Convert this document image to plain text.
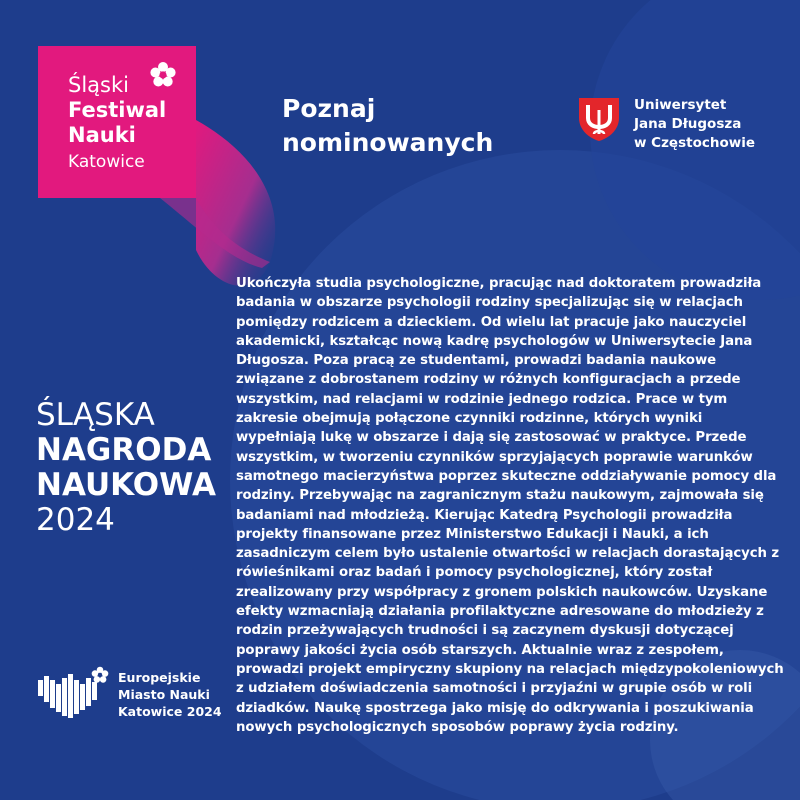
Śląski
Festiwal
Nauki
Katowice
Poznaj
nominowanych
Uniwersytet
Jana Długosza
w Częstochowie
ŚLĄSKA
NAGRODA
NAUKOWA
2024
Ukończyła studia psychologiczne, pracując nad doktoratem prowadziła badania w obszarze psychologii rodziny specjalizując się w relacjach pomiędzy rodzicem a dzieckiem. Od wielu lat pracuje jako nauczyciel akademicki, kształcąc nową kadrę psychologów w Uniwersytecie Jana Długosza. Poza pracą ze studentami, prowadzi badania naukowe związane z dobrostanem rodziny w różnych konfiguracjach a przede wszystkim, nad relacjami w rodzinie jednego rodzica. Prace w tym zakresie obejmują połączone czynniki rodzinne, których wyniki wypełniają lukę w obszarze i dają się zastosować w praktyce. Przede wszystkim, w tworzeniu czynników sprzyjających poprawie warunków samotnego macierzyństwa poprzez skuteczne oddziaływanie pomocy dla rodziny. Przebywając na zagranicznym stażu naukowym, zajmowała się badaniami nad młodzieżą. Kierując Katedrą Psychologii prowadziła projekty finansowane przez Ministerstwo Edukacji i Nauki, a ich zasadniczym celem było ustalenie otwartości w relacjach dorastających z rówieśnikami oraz badań i pomocy psychologicznej, który został zrealizowany przy współpracy z gronem polskich naukowców. Uzyskane efekty wzmacniają działania profilaktyczne adresowane do młodzieży z rodzin przeżywających trudności i są zaczynem dyskusji dotyczącej poprawy jakości życia osób starszych. Aktualnie wraz z zespołem, prowadzi projekt empiryczny skupiony na relacjach międzypokoleniowych z udziałem doświadczenia samotności i przyjaźni w grupie osób w roli dziadków. Naukę spostrzega jako misję do odkrywania i poszukiwania nowych psychologicznych sposobów poprawy życia rodziny.
Europejskie
Miasto Nauki
Katowice 2024
